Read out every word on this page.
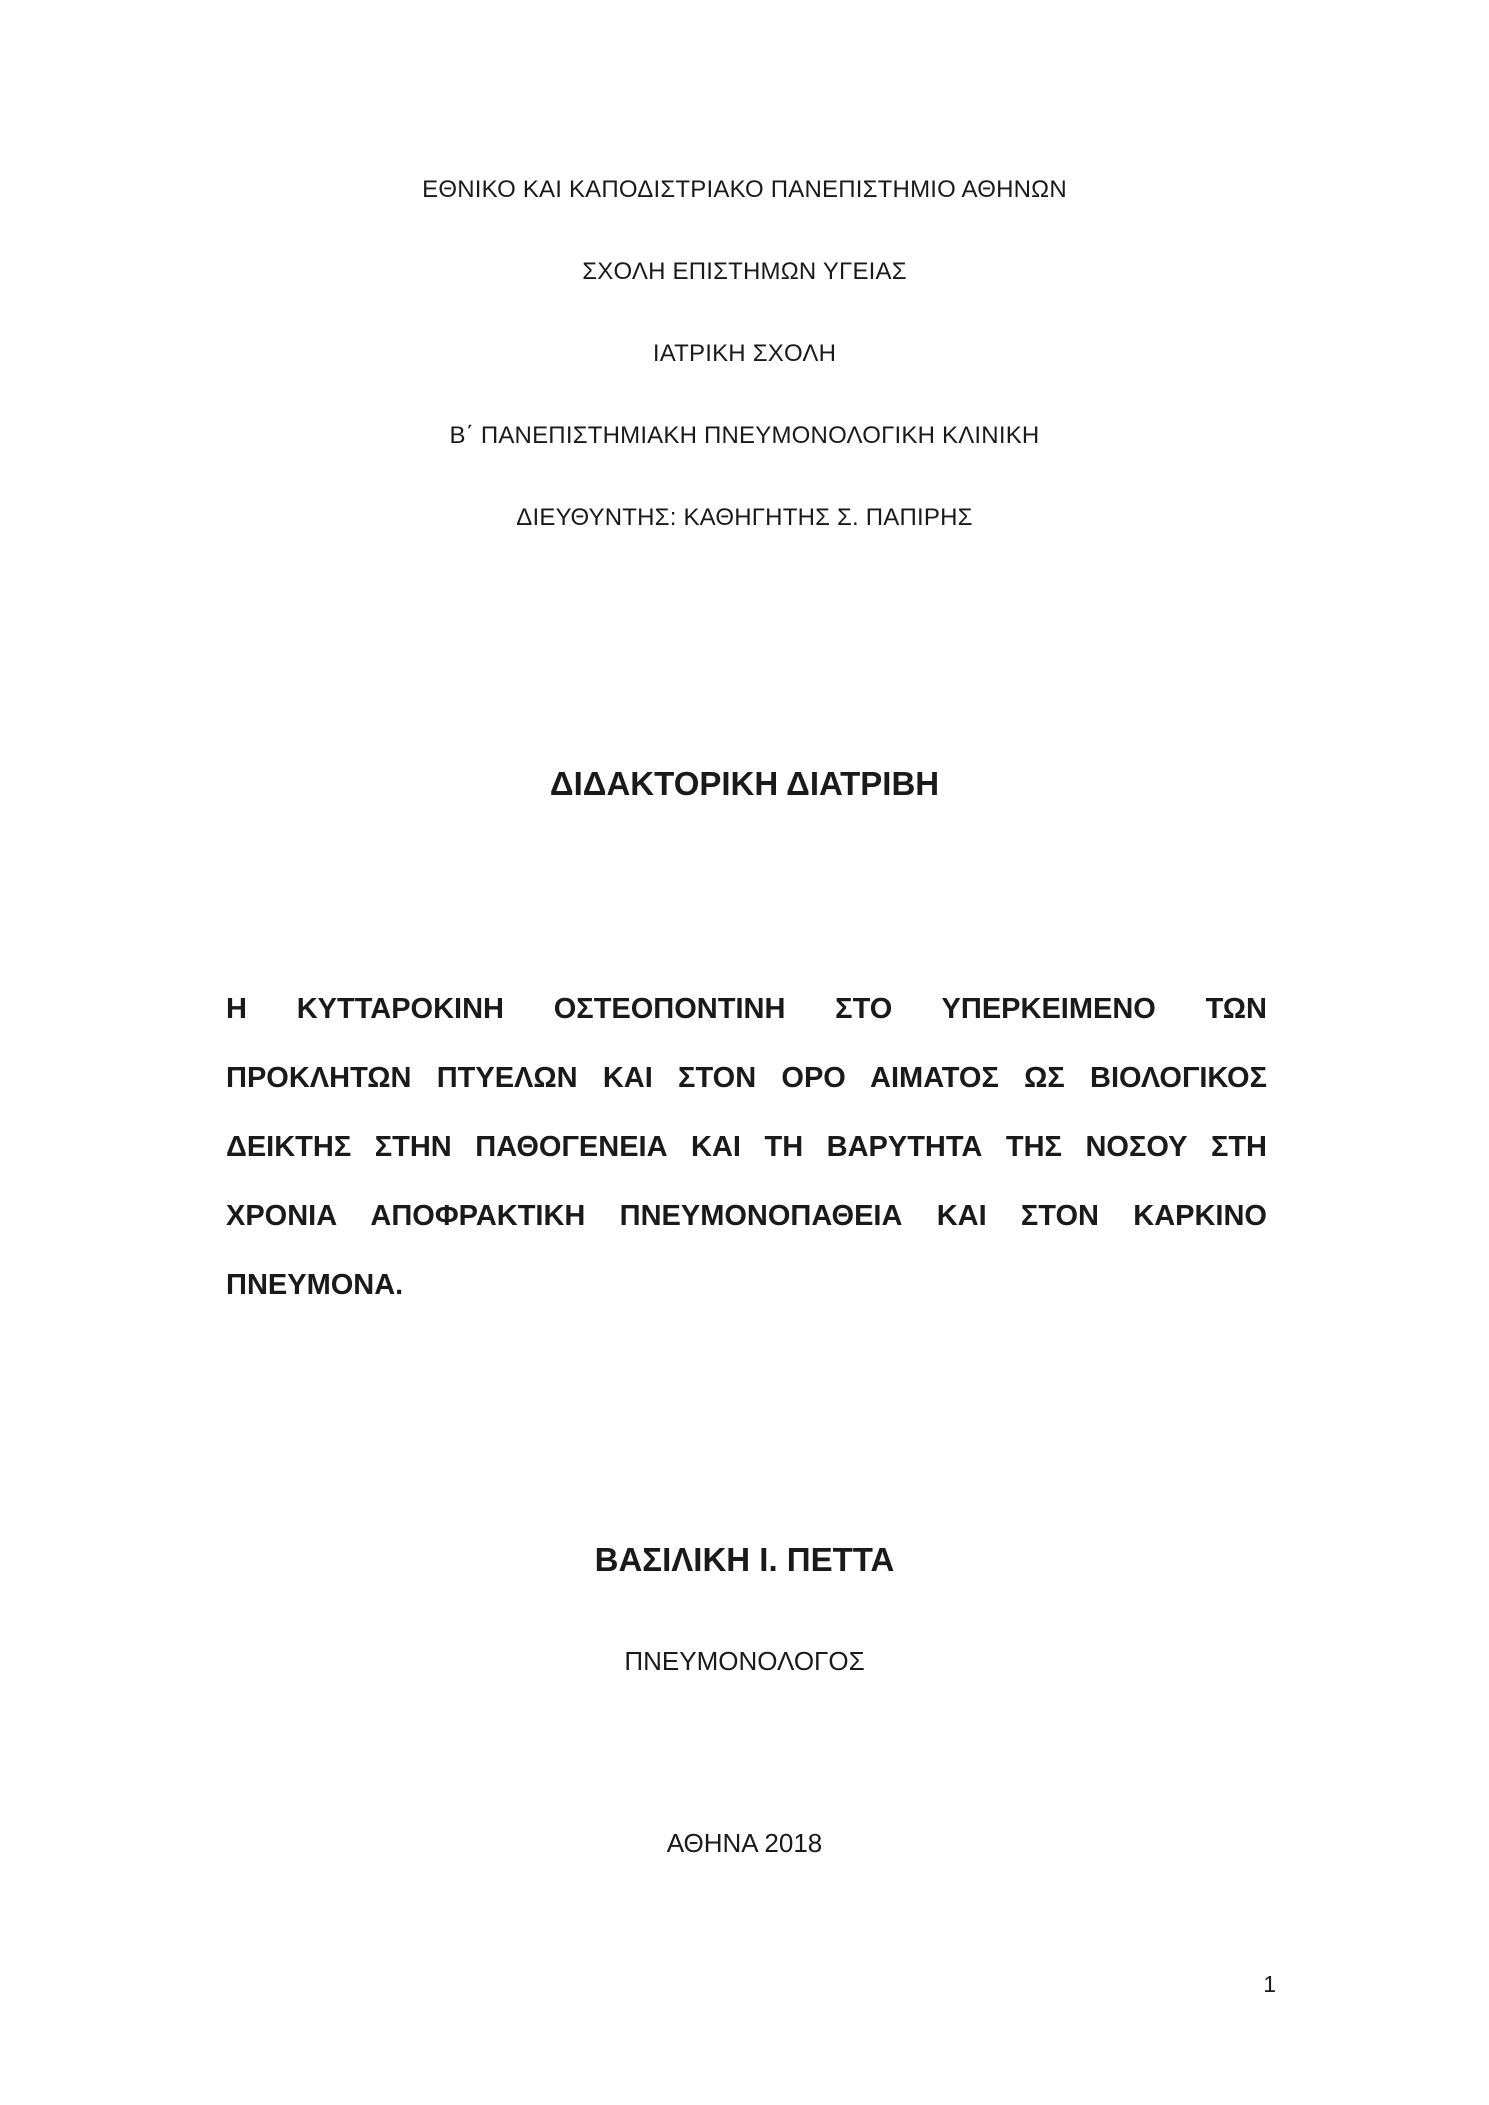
ΕΘΝΙΚΟ ΚΑΙ ΚΑΠΟΔΙΣΤΡΙΑΚΟ ΠΑΝΕΠΙΣΤΗΜΙΟ ΑΘΗΝΩΝ
ΣΧΟΛΗ ΕΠΙΣΤΗΜΩΝ ΥΓΕΙΑΣ
ΙΑΤΡΙΚΗ ΣΧΟΛΗ
Β΄ ΠΑΝΕΠΙΣΤΗΜΙΑΚΗ ΠΝΕΥΜΟΝΟΛΟΓΙΚΗ ΚΛΙΝΙΚΗ
ΔΙΕΥΘΥΝΤΗΣ: ΚΑΘΗΓΗΤΗΣ Σ. ΠΑΠΙΡΗΣ
ΔΙΔΑΚΤΟΡΙΚΗ ΔΙΑΤΡΙΒΗ
Η ΚΥΤΤΑΡΟΚΙΝΗ ΟΣΤΕΟΠΟΝΤΙΝΗ ΣΤΟ ΥΠΕΡΚΕΙΜΕΝΟ ΤΩΝ
ΠΡΟΚΛΗΤΩΝ ΠΤΥΕΛΩΝ ΚΑΙ ΣΤΟΝ ΟΡΟ ΑΙΜΑΤΟΣ ΩΣ ΒΙΟΛΟΓΙΚΟΣ
ΔΕΙΚΤΗΣ ΣΤΗΝ ΠΑΘΟΓΕΝΕΙΑ ΚΑΙ ΤΗ ΒΑΡΥΤΗΤΑ ΤΗΣ ΝΟΣΟΥ ΣΤΗ
ΧΡΟΝΙΑ ΑΠΟΦΡΑΚΤΙΚΗ ΠΝΕΥΜΟΝΟΠΑΘΕΙΑ ΚΑΙ ΣΤΟΝ ΚΑΡΚΙΝΟ
ΠΝΕΥΜΟΝΑ.
ΒΑΣΙΛΙΚΗ Ι. ΠΕΤΤΑ
ΠΝΕΥΜΟΝΟΛΟΓΟΣ
ΑΘΗΝΑ 2018
1
